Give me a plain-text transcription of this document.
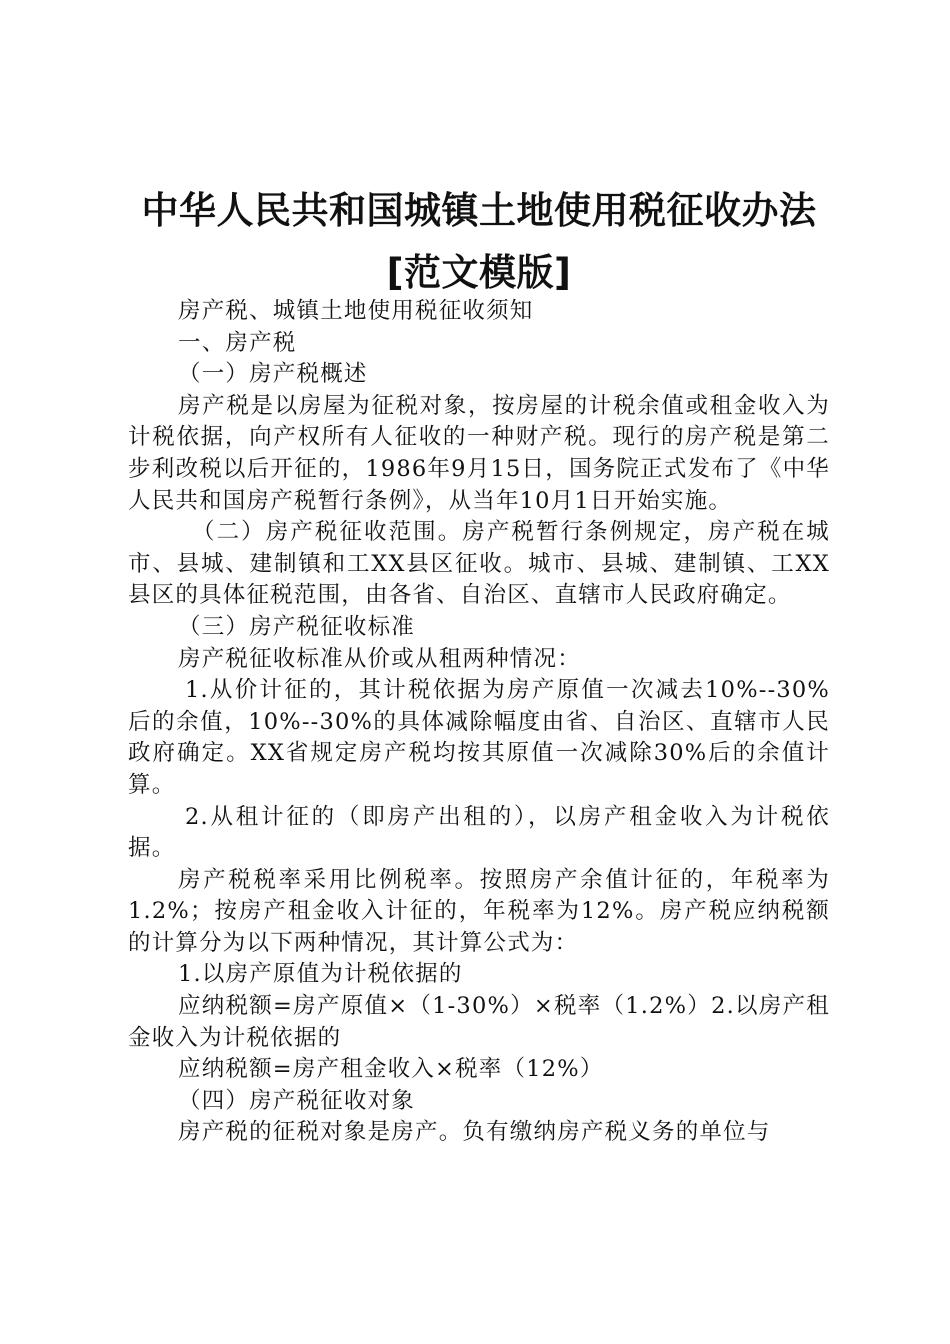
中华人民共和国城镇土地使用税征收办法[范文模版]

房产税、城镇土地使用税征收须知

一、房产税

（一）房产税概述

房产税是以房屋为征税对象，按房屋的计税余值或租金收入为计税依据，向产权所有人征收的一种财产税。现行的房产税是第二步利改税以后开征的，1986年9月15日，国务院正式发布了《中华人民共和国房产税暂行条例》，从当年10月1日开始实施。

（二）房产税征收范围。房产税暂行条例规定，房产税在城市、县城、建制镇和工XX县区征收。城市、县城、建制镇、工XX县区的具体征税范围，由各省、自治区、直辖市人民政府确定。

（三）房产税征收标准

房产税征收标准从价或从租两种情况：

1.从价计征的，其计税依据为房产原值一次减去10%--30%后的余值，10%--30%的具体减除幅度由省、自治区、直辖市人民政府确定。XX省规定房产税均按其原值一次减除30%后的余值计算。

2.从租计征的（即房产出租的），以房产租金收入为计税依据。

房产税税率采用比例税率。按照房产余值计征的，年税率为1.2%；按房产租金收入计征的，年税率为12%。房产税应纳税额的计算分为以下两种情况，其计算公式为：

1.以房产原值为计税依据的

应纳税额=房产原值×（1-30%）×税率（1.2%）2.以房产租金收入为计税依据的

应纳税额=房产租金收入×税率（12%）

（四）房产税征收对象

房产税的征税对象是房产。负有缴纳房产税义务的单位与
